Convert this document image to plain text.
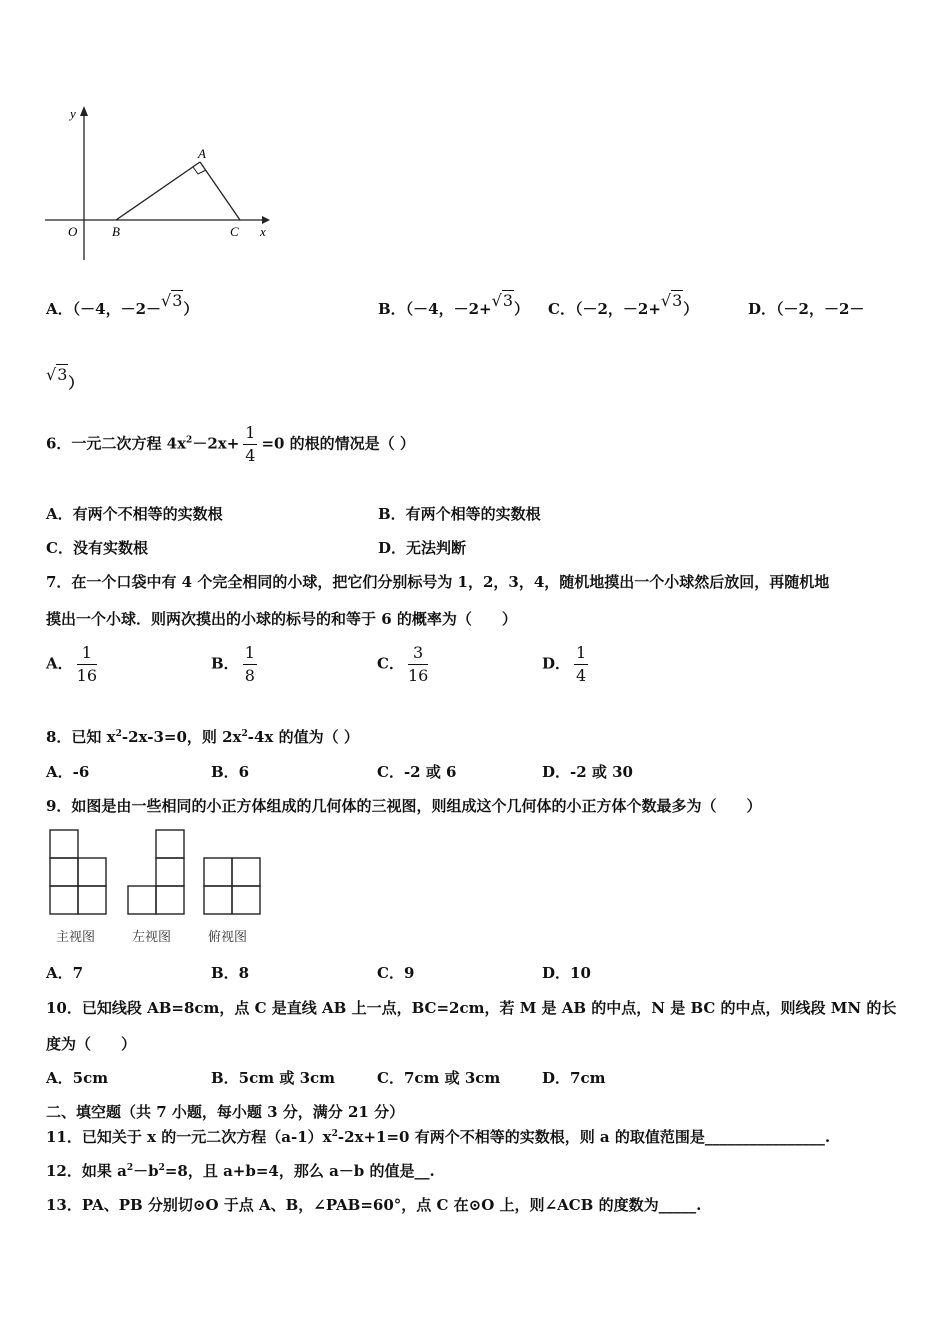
y
x
O
A
B	C
A．（－4，－2－√3）	B．（－4，－2+√3） C．（－2，－2+√3）	D．（－2，－2－
√3）
6．一元二次方程 $4x^2-2x+ \frac{1}{4} =0$ 的根的情况是（ ）
A．有两个不相等的实数根	B．有两个相等的实数根
C．没有实数根	D．无法判断
7．在一个口袋中有 4 个完全相同的小球，把它们分别标号为 1，2，3，4，随机地摸出一个小球然后放回，再随机地
摸出一个小球．则两次摸出的小球的标号的和等于 6 的概率为（　　）
A． $\frac{1}{16}$	B． $\frac{1}{8}$	C． $\frac{3}{16}$	D． $\frac{1}{4}$
8．已知 $x^2-2x-3=0$，则 $2x^2-4x$ 的值为（ ）
A．-6	B．6	C．-2 或 6	D．-2 或 30
9．如图是由一些相同的小正方体组成的几何体的三视图，则组成这个几何体的小正方体个数最多为（　　）
主视图	左视图	俯视图
A．7	B．8	C．9	D．10
10．已知线段 AB=8cm，点 C 是直线 AB 上一点，BC=2cm，若 M 是 AB 的中点，N 是 BC 的中点，则线段 MN 的长
度为（　　）
A．5cm	B．5cm 或 3cm	C．7cm 或 3cm	D．7cm
二、填空题（共 7 小题，每小题 3 分，满分 21 分）
11．已知关于 x 的一元二次方程$(a-1)x^2-2x+1=0$ 有两个不相等的实数根，则 a 的取值范围是________________.
12．如果 $a^2-b^2=8$，且 a+b=4，那么 a－b 的值是__.
13．PA、PB 分别切⊙O 于点 A、B，∠PAB=60°，点 C 在⊙O 上，则∠ACB 的度数为_____.
